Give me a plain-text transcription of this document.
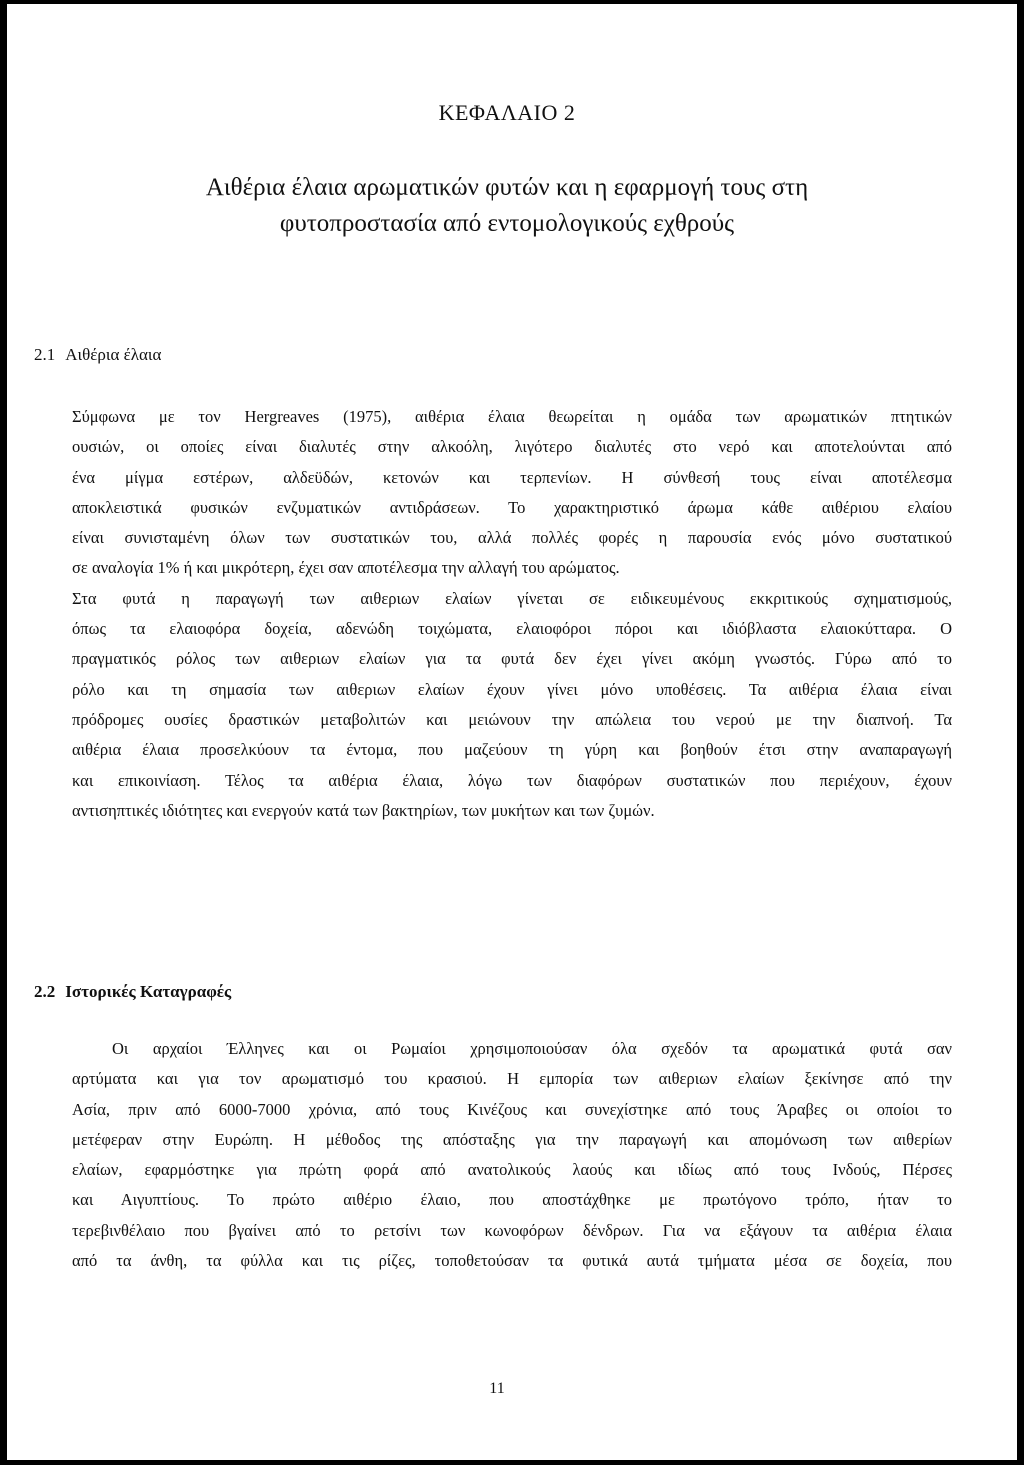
ΚΕΦΑΛΑΙΟ 2
Αιθέρια έλαια αρωματικών φυτών και η εφαρμογή τους στη
φυτοπροστασία από εντομολογικούς εχθρούς
2.1 Αιθέρια έλαια
Σύμφωνα με τον Hergreaves (1975), αιθέρια έλαια θεωρείται η ομάδα των αρωματικών πτητικών
ουσιών, οι οποίες είναι διαλυτές στην αλκοόλη, λιγότερο διαλυτές στο νερό και αποτελούνται από
ένα μίγμα εστέρων, αλδεϋδών, κετονών και τερπενίων. Η σύνθεσή τους είναι αποτέλεσμα
αποκλειστικά φυσικών ενζυματικών αντιδράσεων. Το χαρακτηριστικό άρωμα κάθε αιθέριου ελαίου
είναι συνισταμένη όλων των συστατικών του, αλλά πολλές φορές η παρουσία ενός μόνο συστατικού
σε αναλογία 1% ή και μικρότερη, έχει σαν αποτέλεσμα την αλλαγή του αρώματος.
Στα φυτά η παραγωγή των αιθεριων ελαίων γίνεται σε ειδικευμένους εκκριτικούς σχηματισμούς,
όπως τα ελαιοφόρα δοχεία, αδενώδη τοιχώματα, ελαιοφόροι πόροι και ιδιόβλαστα ελαιοκύτταρα. Ο
πραγματικός ρόλος των αιθεριων ελαίων για τα φυτά δεν έχει γίνει ακόμη γνωστός. Γύρω από το
ρόλο και τη σημασία των αιθεριων ελαίων έχουν γίνει μόνο υποθέσεις. Τα αιθέρια έλαια είναι
πρόδρομες ουσίες δραστικών μεταβολιτών και μειώνουν την απώλεια του νερού με την διαπνοή. Τα
αιθέρια έλαια προσελκύουν τα έντομα, που μαζεύουν τη γύρη και βοηθούν έτσι στην αναπαραγωγή
και επικοινίαση. Τέλος τα αιθέρια έλαια, λόγω των διαφόρων συστατικών που περιέχουν, έχουν
αντισηπτικές ιδιότητες και ενεργούν κατά των βακτηρίων, των μυκήτων και των ζυμών.
2.2 Ιστορικές Καταγραφές
Οι αρχαίοι Έλληνες και οι Ρωμαίοι χρησιμοποιούσαν όλα σχεδόν τα αρωματικά φυτά σαν
αρτύματα και για τον αρωματισμό του κρασιού. Η εμπορία των αιθεριων ελαίων ξεκίνησε από την
Ασία, πριν από 6000-7000 χρόνια, από τους Κινέζους και συνεχίστηκε από τους Άραβες οι οποίοι το
μετέφεραν στην Ευρώπη. Η μέθοδος της απόσταξης για την παραγωγή και απομόνωση των αιθερίων
ελαίων, εφαρμόστηκε για πρώτη φορά από ανατολικούς λαούς και ιδίως από τους Ινδούς, Πέρσες
και Αιγυπτίους. Το πρώτο αιθέριο έλαιο, που αποστάχθηκε με πρωτόγονο τρόπο, ήταν το
τερεβινθέλαιο που βγαίνει από το ρετσίνι των κωνοφόρων δένδρων. Για να εξάγουν τα αιθέρια έλαια
από τα άνθη, τα φύλλα και τις ρίζες, τοποθετούσαν τα φυτικά αυτά τμήματα μέσα σε δοχεία, που
11
